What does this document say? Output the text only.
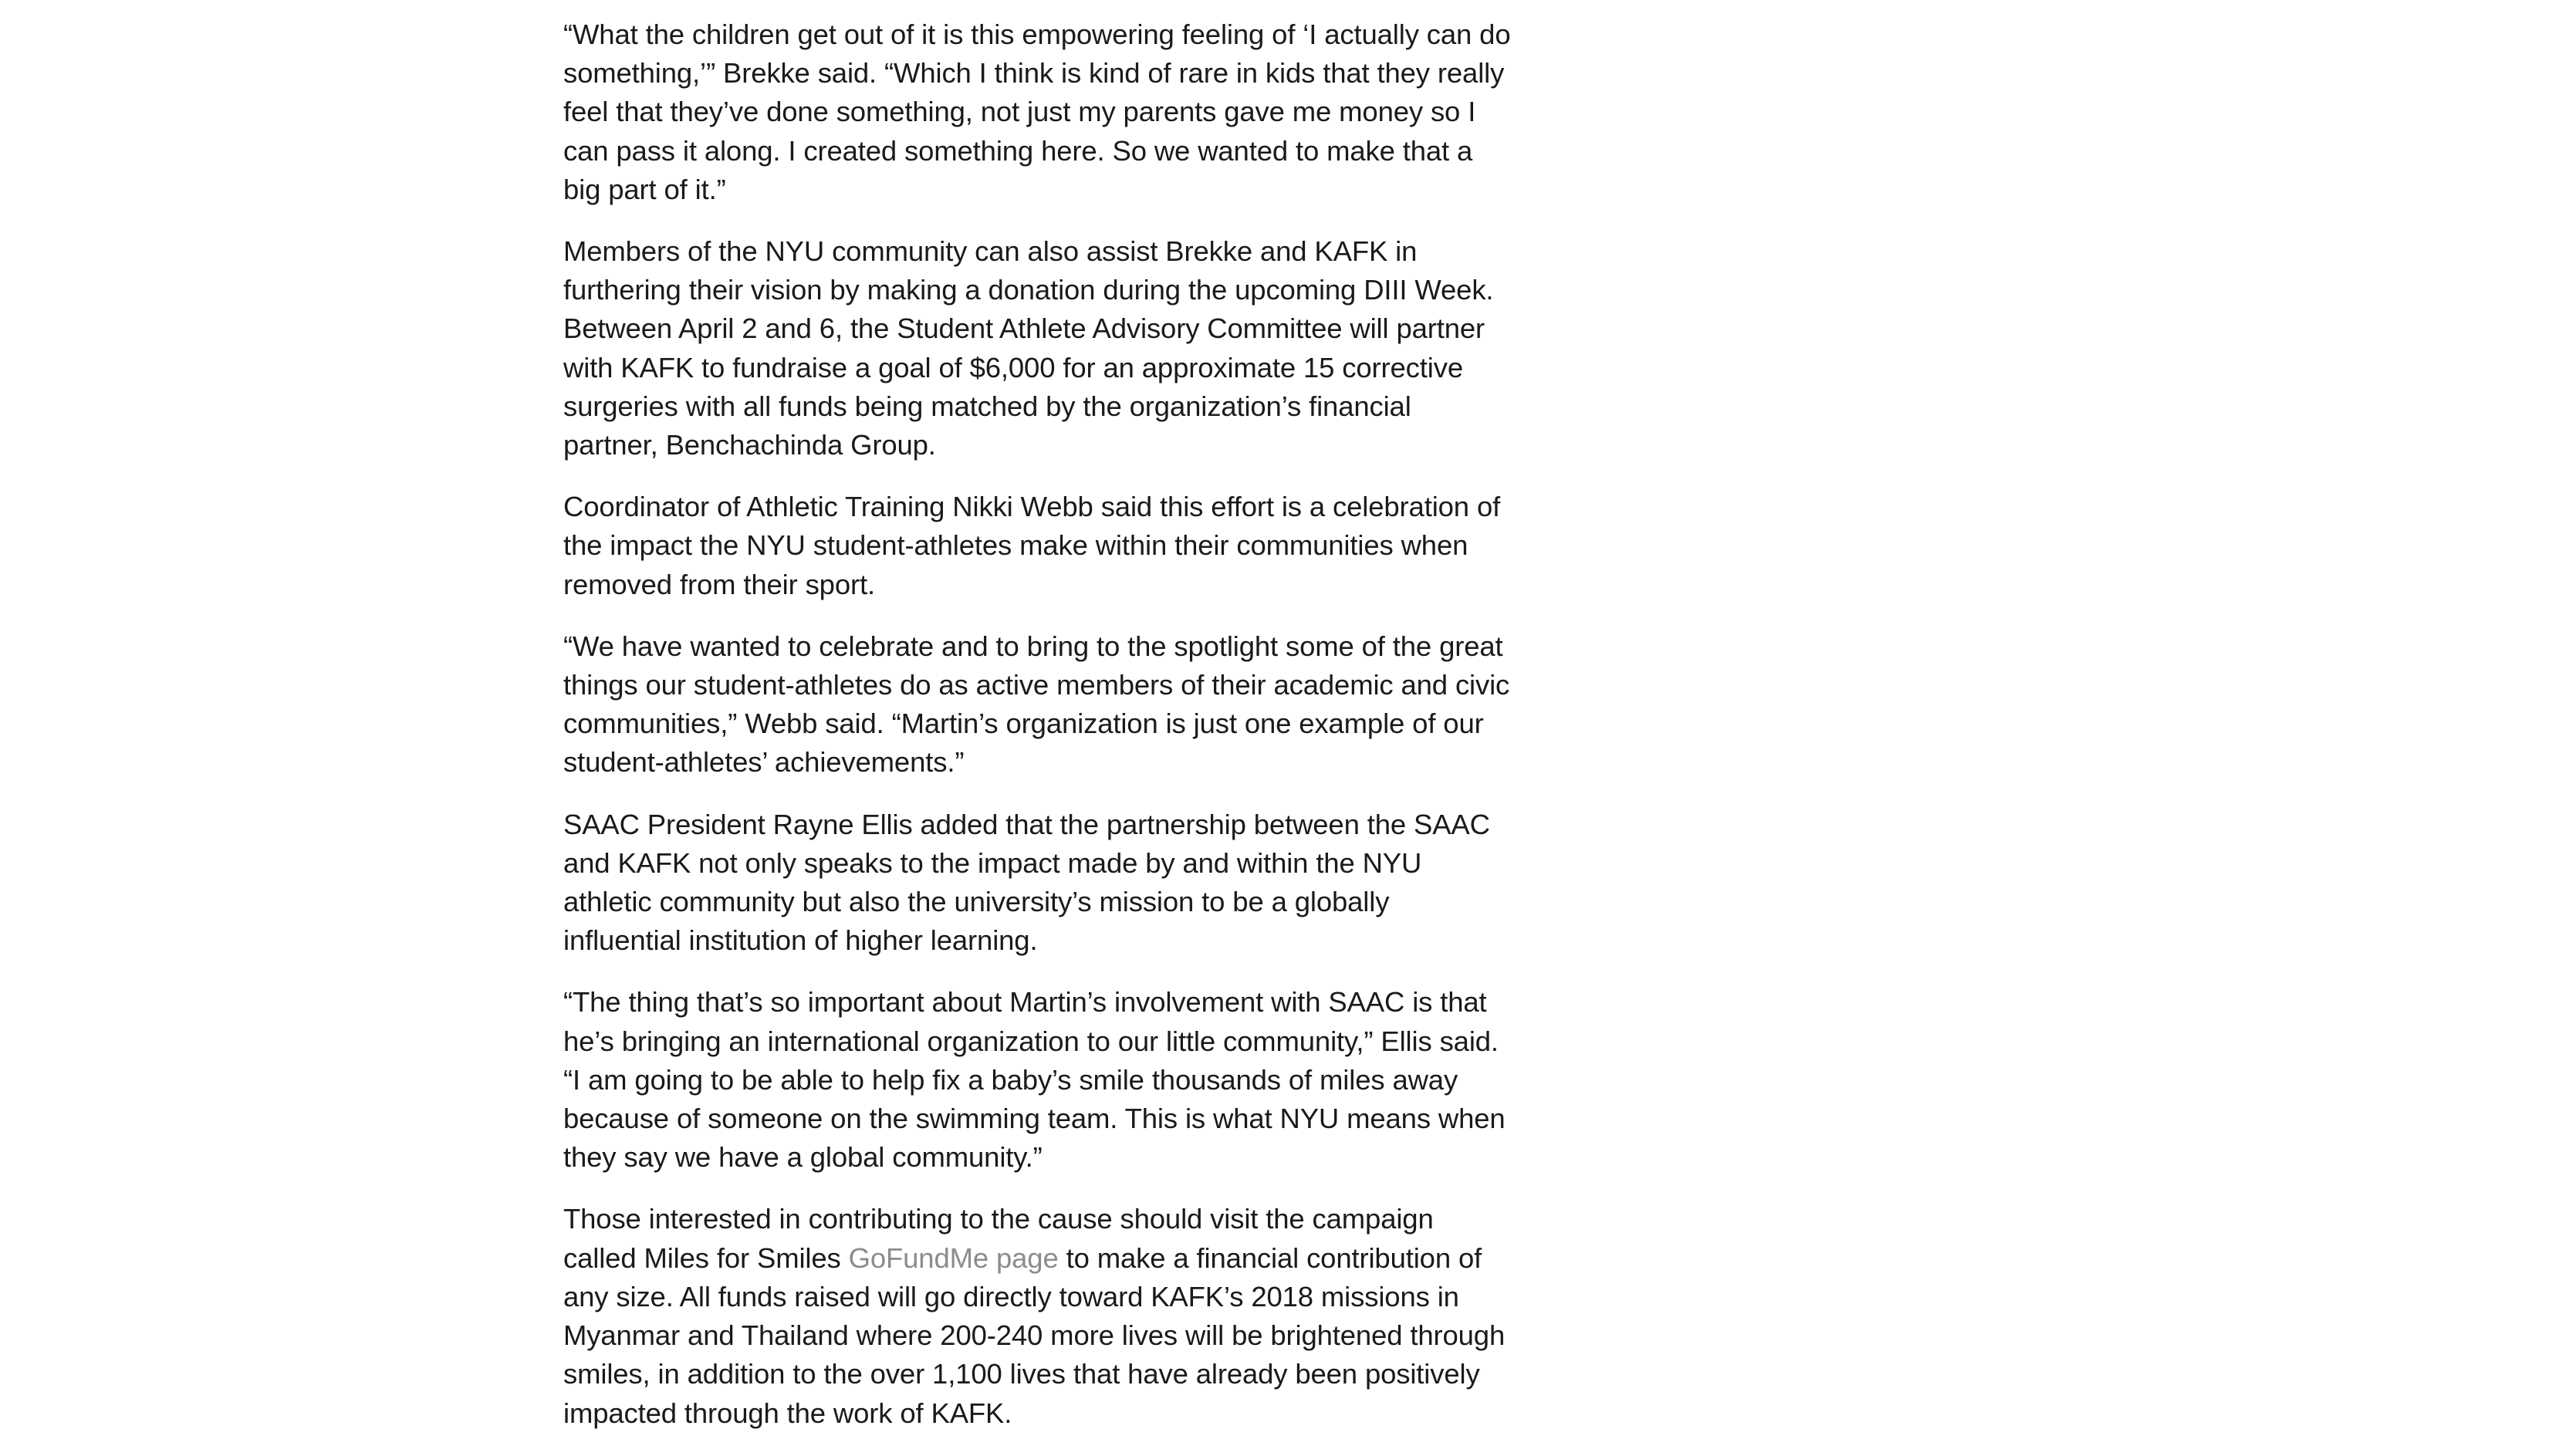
“What the children get out of it is this empowering feeling of ‘I actually can do something,’” Brekke said. “Which I think is kind of rare in kids that they really feel that they’ve done something, not just my parents gave me money so I can pass it along. I created something here. So we wanted to make that a big part of it.”

Members of the NYU community can also assist Brekke and KAFK in furthering their vision by making a donation during the upcoming DIII Week. Between April 2 and 6, the Student Athlete Advisory Committee will partner with KAFK to fundraise a goal of $6,000 for an approximate 15 corrective surgeries with all funds being matched by the organization’s financial partner, Benchachinda Group.

Coordinator of Athletic Training Nikki Webb said this effort is a celebration of the impact the NYU student-athletes make within their communities when removed from their sport.

“We have wanted to celebrate and to bring to the spotlight some of the great things our student-athletes do as active members of their academic and civic communities,” Webb said. “Martin’s organization is just one example of our student-athletes’ achievements.”

SAAC President Rayne Ellis added that the partnership between the SAAC and KAFK not only speaks to the impact made by and within the NYU athletic community but also the university’s mission to be a globally influential institution of higher learning.

“The thing that’s so important about Martin’s involvement with SAAC is that he’s bringing an international organization to our little community,” Ellis said. “I am going to be able to help fix a baby’s smile thousands of miles away because of someone on the swimming team. This is what NYU means when they say we have a global community.”

Those interested in contributing to the cause should visit the campaign called Miles for Smiles GoFundMe page to make a financial contribution of any size. All funds raised will go directly toward KAFK’s 2018 missions in Myanmar and Thailand where 200-240 more lives will be brightened through smiles, in addition to the over 1,100 lives that have already been positively impacted through the work of KAFK.
